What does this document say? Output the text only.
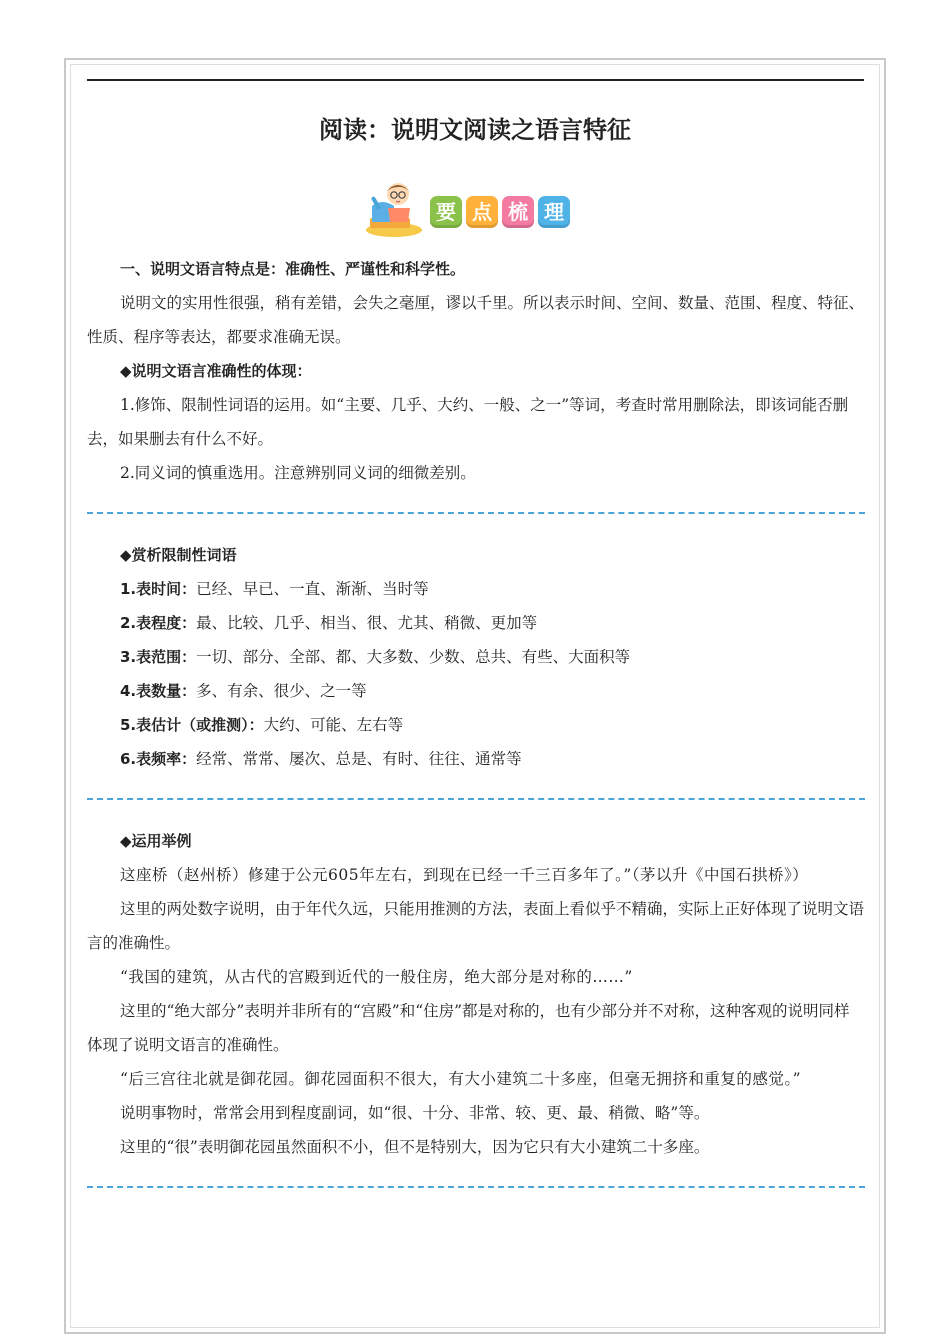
阅读：说明文阅读之语言特征
要 点 梳 理

一、说明文语言特点是：准确性、严谨性和科学性。

说明文的实用性很强，稍有差错，会失之毫厘，谬以千里。所以表示时间、空间、数量、范围、程度、特征、性质、程序等表达，都要求准确无误。

◆说明文语言准确性的体现：

1.修饰、限制性词语的运用。如“主要、几乎、大约、一般、之一”等词，考查时常用删除法，即该词能否删去，如果删去有什么不好。

2.同义词的慎重选用。注意辨别同义词的细微差别。

◆赏析限制性词语

1.表时间：已经、早已、一直、渐渐、当时等

2.表程度：最、比较、几乎、相当、很、尤其、稍微、更加等

3.表范围：一切、部分、全部、都、大多数、少数、总共、有些、大面积等

4.表数量：多、有余、很少、之一等

5.表估计（或推测）：大约、可能、左右等

6.表频率：经常、常常、屡次、总是、有时、往往、通常等

◆运用举例

这座桥（赵州桥）修建于公元605年左右，到现在已经一千三百多年了。”（茅以升《中国石拱桥》）

这里的两处数字说明，由于年代久远，只能用推测的方法，表面上看似乎不精确，实际上正好体现了说明文语言的准确性。

“我国的建筑，从古代的宫殿到近代的一般住房，绝大部分是对称的……”

这里的“绝大部分”表明并非所有的“宫殿”和“住房”都是对称的，也有少部分并不对称，这种客观的说明同样体现了说明文语言的准确性。

“后三宫往北就是御花园。御花园面积不很大，有大小建筑二十多座，但毫无拥挤和重复的感觉。”

说明事物时，常常会用到程度副词，如“很、十分、非常、较、更、最、稍微、略”等。

这里的“很”表明御花园虽然面积不小，但不是特别大，因为它只有大小建筑二十多座。
